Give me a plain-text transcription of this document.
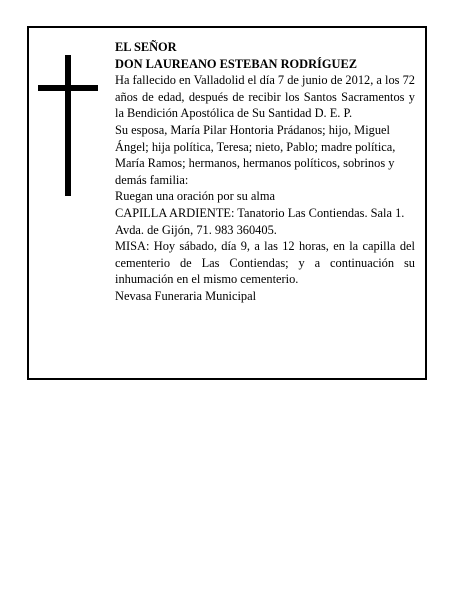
EL SEÑOR

DON LAUREANO ESTEBAN RODRÍGUEZ

Ha fallecido en Valladolid el día 7 de junio de 2012, a los 72 años de edad, después de recibir los Santos Sacramentos y la Bendición Apostólica de Su Santidad D. E. P.

Su esposa, María Pilar Hontoria Prádanos; hijo, Miguel Ángel; hija política, Teresa; nieto, Pablo; madre política, María Ramos; hermanos, hermanos políticos, sobrinos y demás familia:

Ruegan una oración por su alma

CAPILLA ARDIENTE: Tanatorio Las Contiendas. Sala 1. Avda. de Gijón, 71. 983 360405.

MISA: Hoy sábado, día 9, a las 12 horas, en la capilla del cementerio de Las Contiendas; y a continuación su inhumación en el mismo cementerio.

Nevasa Funeraria Municipal
